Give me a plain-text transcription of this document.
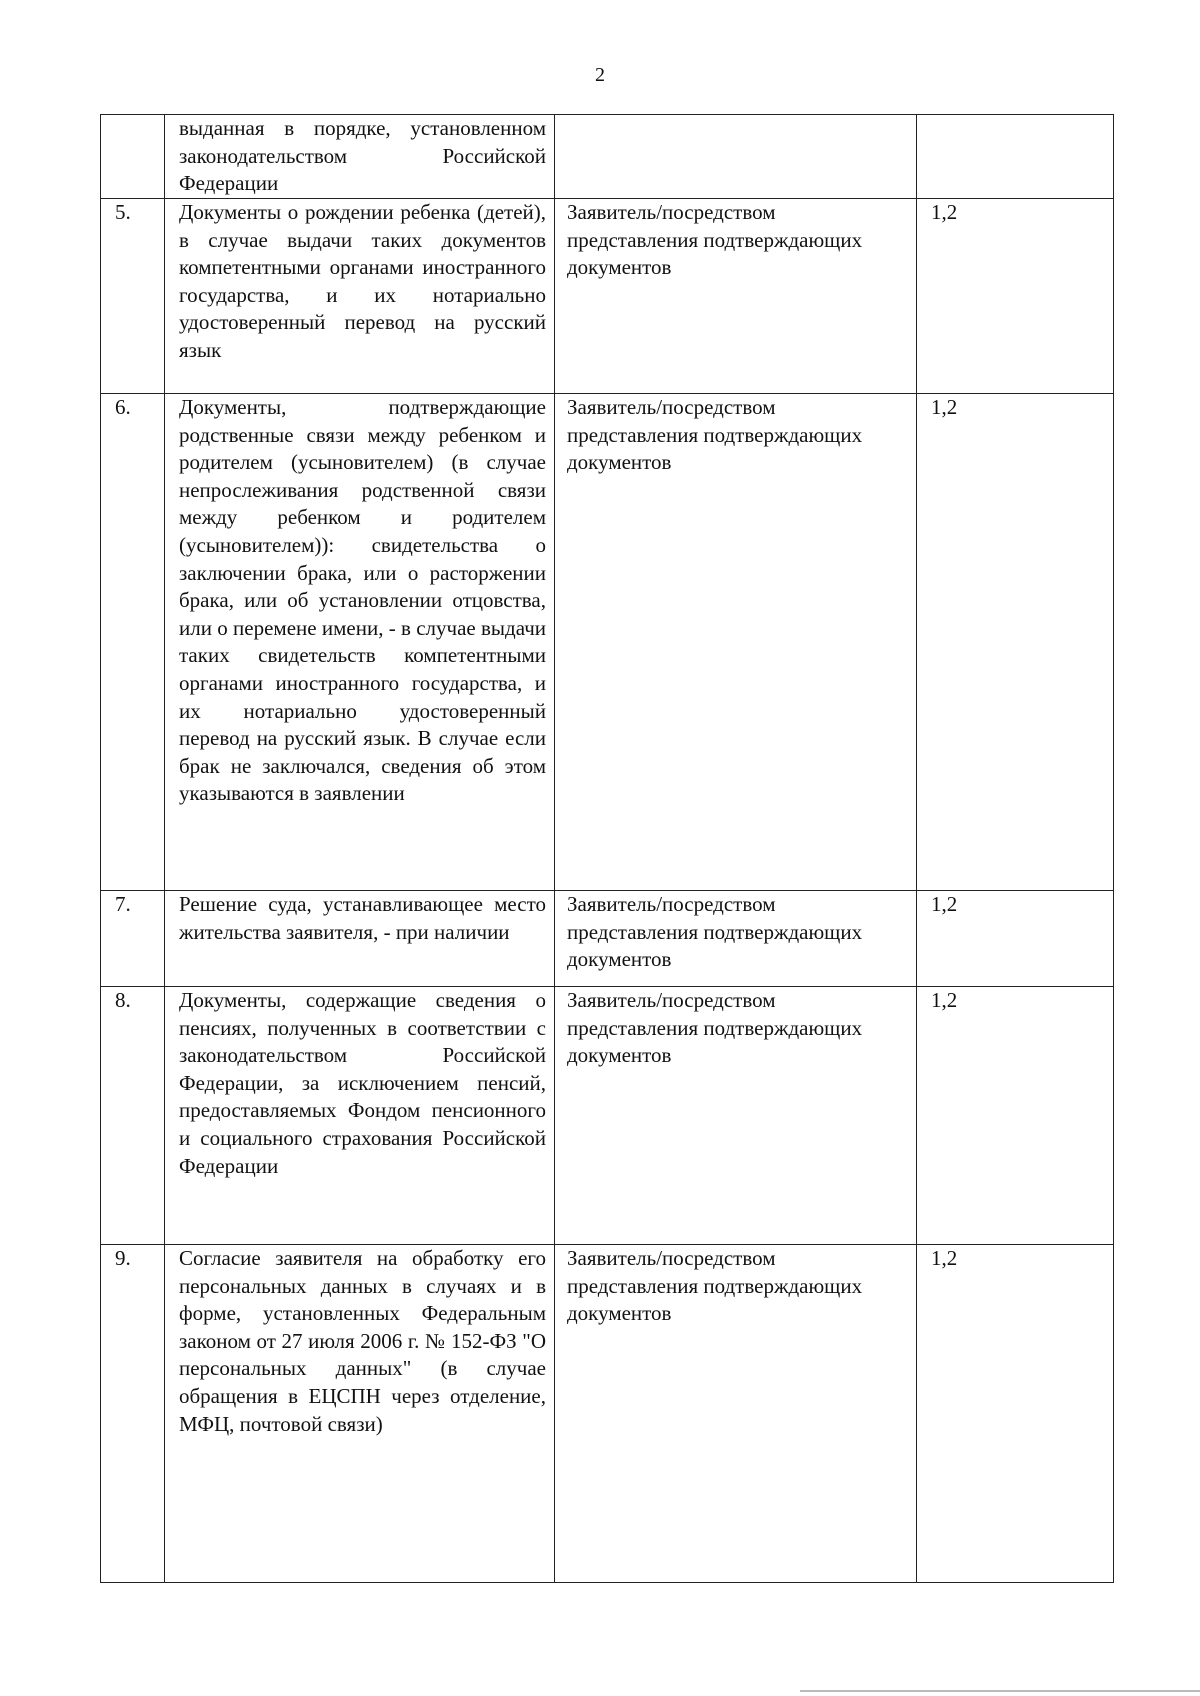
2

	выданная в порядке, установленном законодательством Российской Федерации		

5.	Документы о рождении ребенка (детей), в случае выдачи таких документов компетентными органами иностранного государства, и их нотариально удостоверенный перевод на русский язык	Заявитель/посредством представления подтверждающих документов	1,2

6.	Документы, подтверждающие родственные связи между ребенком и родителем (усыновителем) (в случае непрослеживания родственной связи между ребенком и родителем (усыновителем)): свидетельства о заключении брака, или о расторжении брака, или об установлении отцовства, или о перемене имени, - в случае выдачи таких свидетельств компетентными органами иностранного государства, и их нотариально удостоверенный перевод на русский язык. В случае если брак не заключался, сведения об этом указываются в заявлении	Заявитель/посредством представления подтверждающих документов	1,2

7.	Решение суда, устанавливающее место жительства заявителя, - при наличии	Заявитель/посредством представления подтверждающих документов	1,2

8.	Документы, содержащие сведения о пенсиях, полученных в соответствии с законодательством Российской Федерации, за исключением пенсий, предоставляемых Фондом пенсионного и социального страхования Российской Федерации	Заявитель/посредством представления подтверждающих документов	1,2

9.	Согласие заявителя на обработку его персональных данных в случаях и в форме, установленных Федеральным законом от 27 июля 2006 г. № 152-ФЗ "О персональных данных" (в случае обращения в ЕЦСПН через отделение, МФЦ, почтовой связи)	Заявитель/посредством представления подтверждающих документов	1,2
